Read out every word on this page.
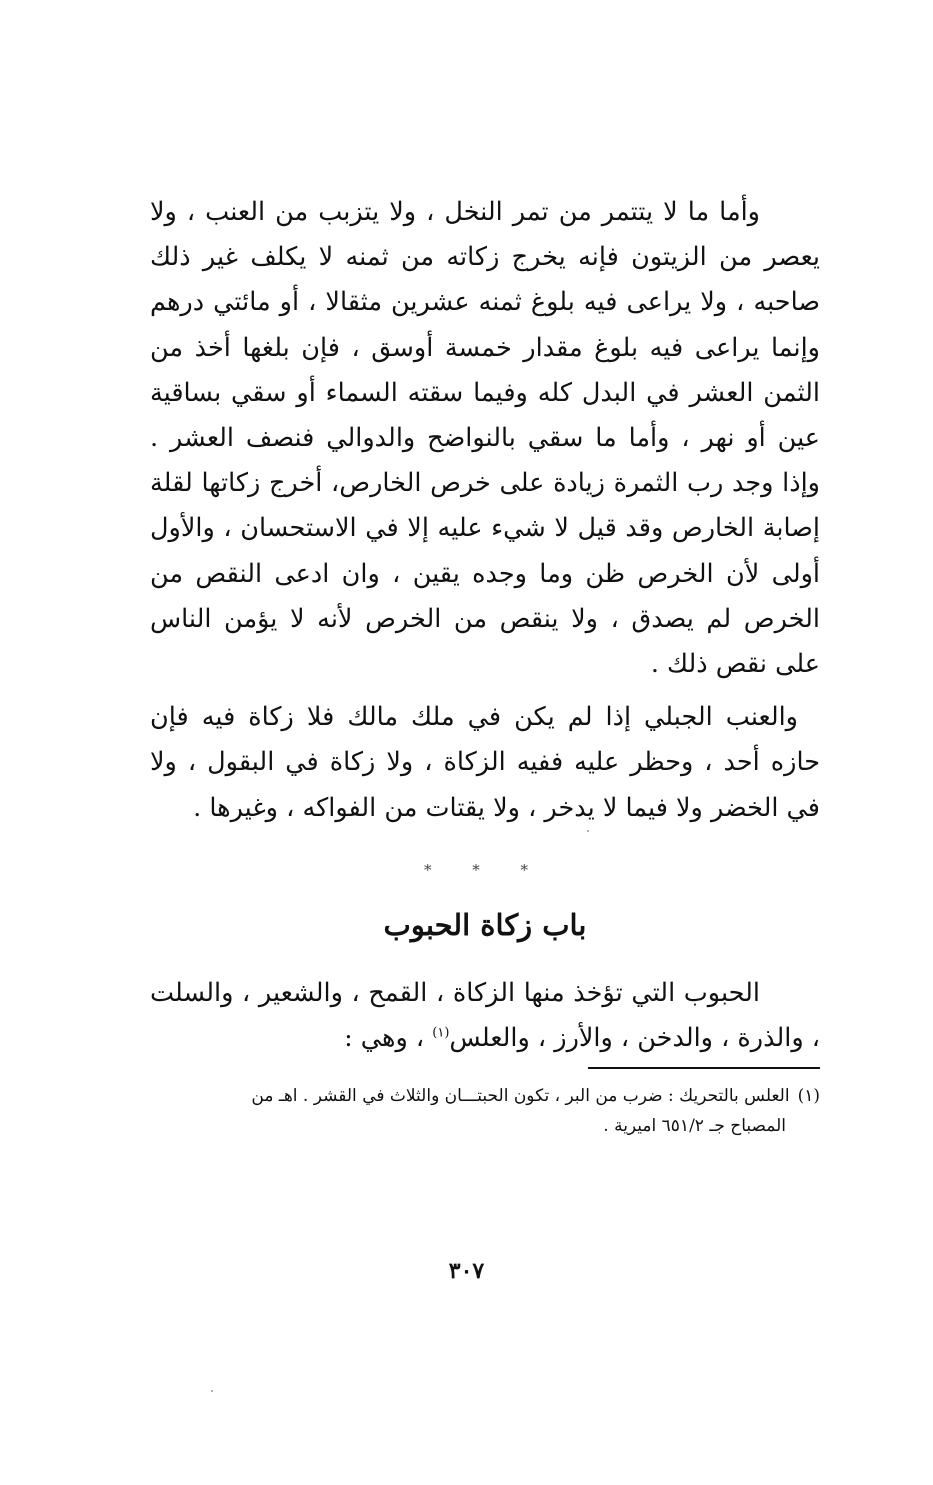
وأما ما لا يتتمر من تمر النخل ، ولا يتزبب من العنب ، ولا يعصر من الزيتون فإنه يخرج زكاته من ثمنه لا يكلف غير ذلك صاحبه ، ولا يراعى فيه بلوغ ثمنه عشرين مثقالا ، أو مائتي درهم وإنما يراعى فيه بلوغ مقدار خمسة أوسق ، فإن بلغها أخذ من الثمن العشر في البدل كله وفيما سقته السماء أو سقي بساقية عين أو نهر ، وأما ما سقي بالنواضح والدوالي فنصف العشر . وإذا وجد رب الثمرة زيادة على خرص الخارص، أخرج زكاتها لقلة إصابة الخارص وقد قيل لا شيء عليه إلا في الاستحسان ، والأول أولى لأن الخرص ظن وما وجده يقين ، وان ادعى النقص من الخرص لم يصدق ، ولا ينقص من الخرص لأنه لا يؤمن الناس على نقص ذلك .

والعنب الجبلي إذا لم يكن في ملك مالك فلا زكاة فيه فإن حازه أحد ، وحظر عليه ففيه الزكاة ، ولا زكاة في البقول ، ولا في الخضر ولا فيما لا يدخر ، ولا يقتات من الفواكه ، وغيرها .

* * *
باب زكاة الحبوب

الحبوب التي تؤخذ منها الزكاة ، القمح ، والشعير ، والسلت ، والذرة ، والدخن ، والأرز ، والعلس$^{(١)}$ ، وهي :

(١)العلس بالتحريك : ضرب من البر ، تكون الحبتـــان والثلاث في القشر . اهـ من
المصباح جـ ٦٥١/٢ اميرية .

٣٠٧
